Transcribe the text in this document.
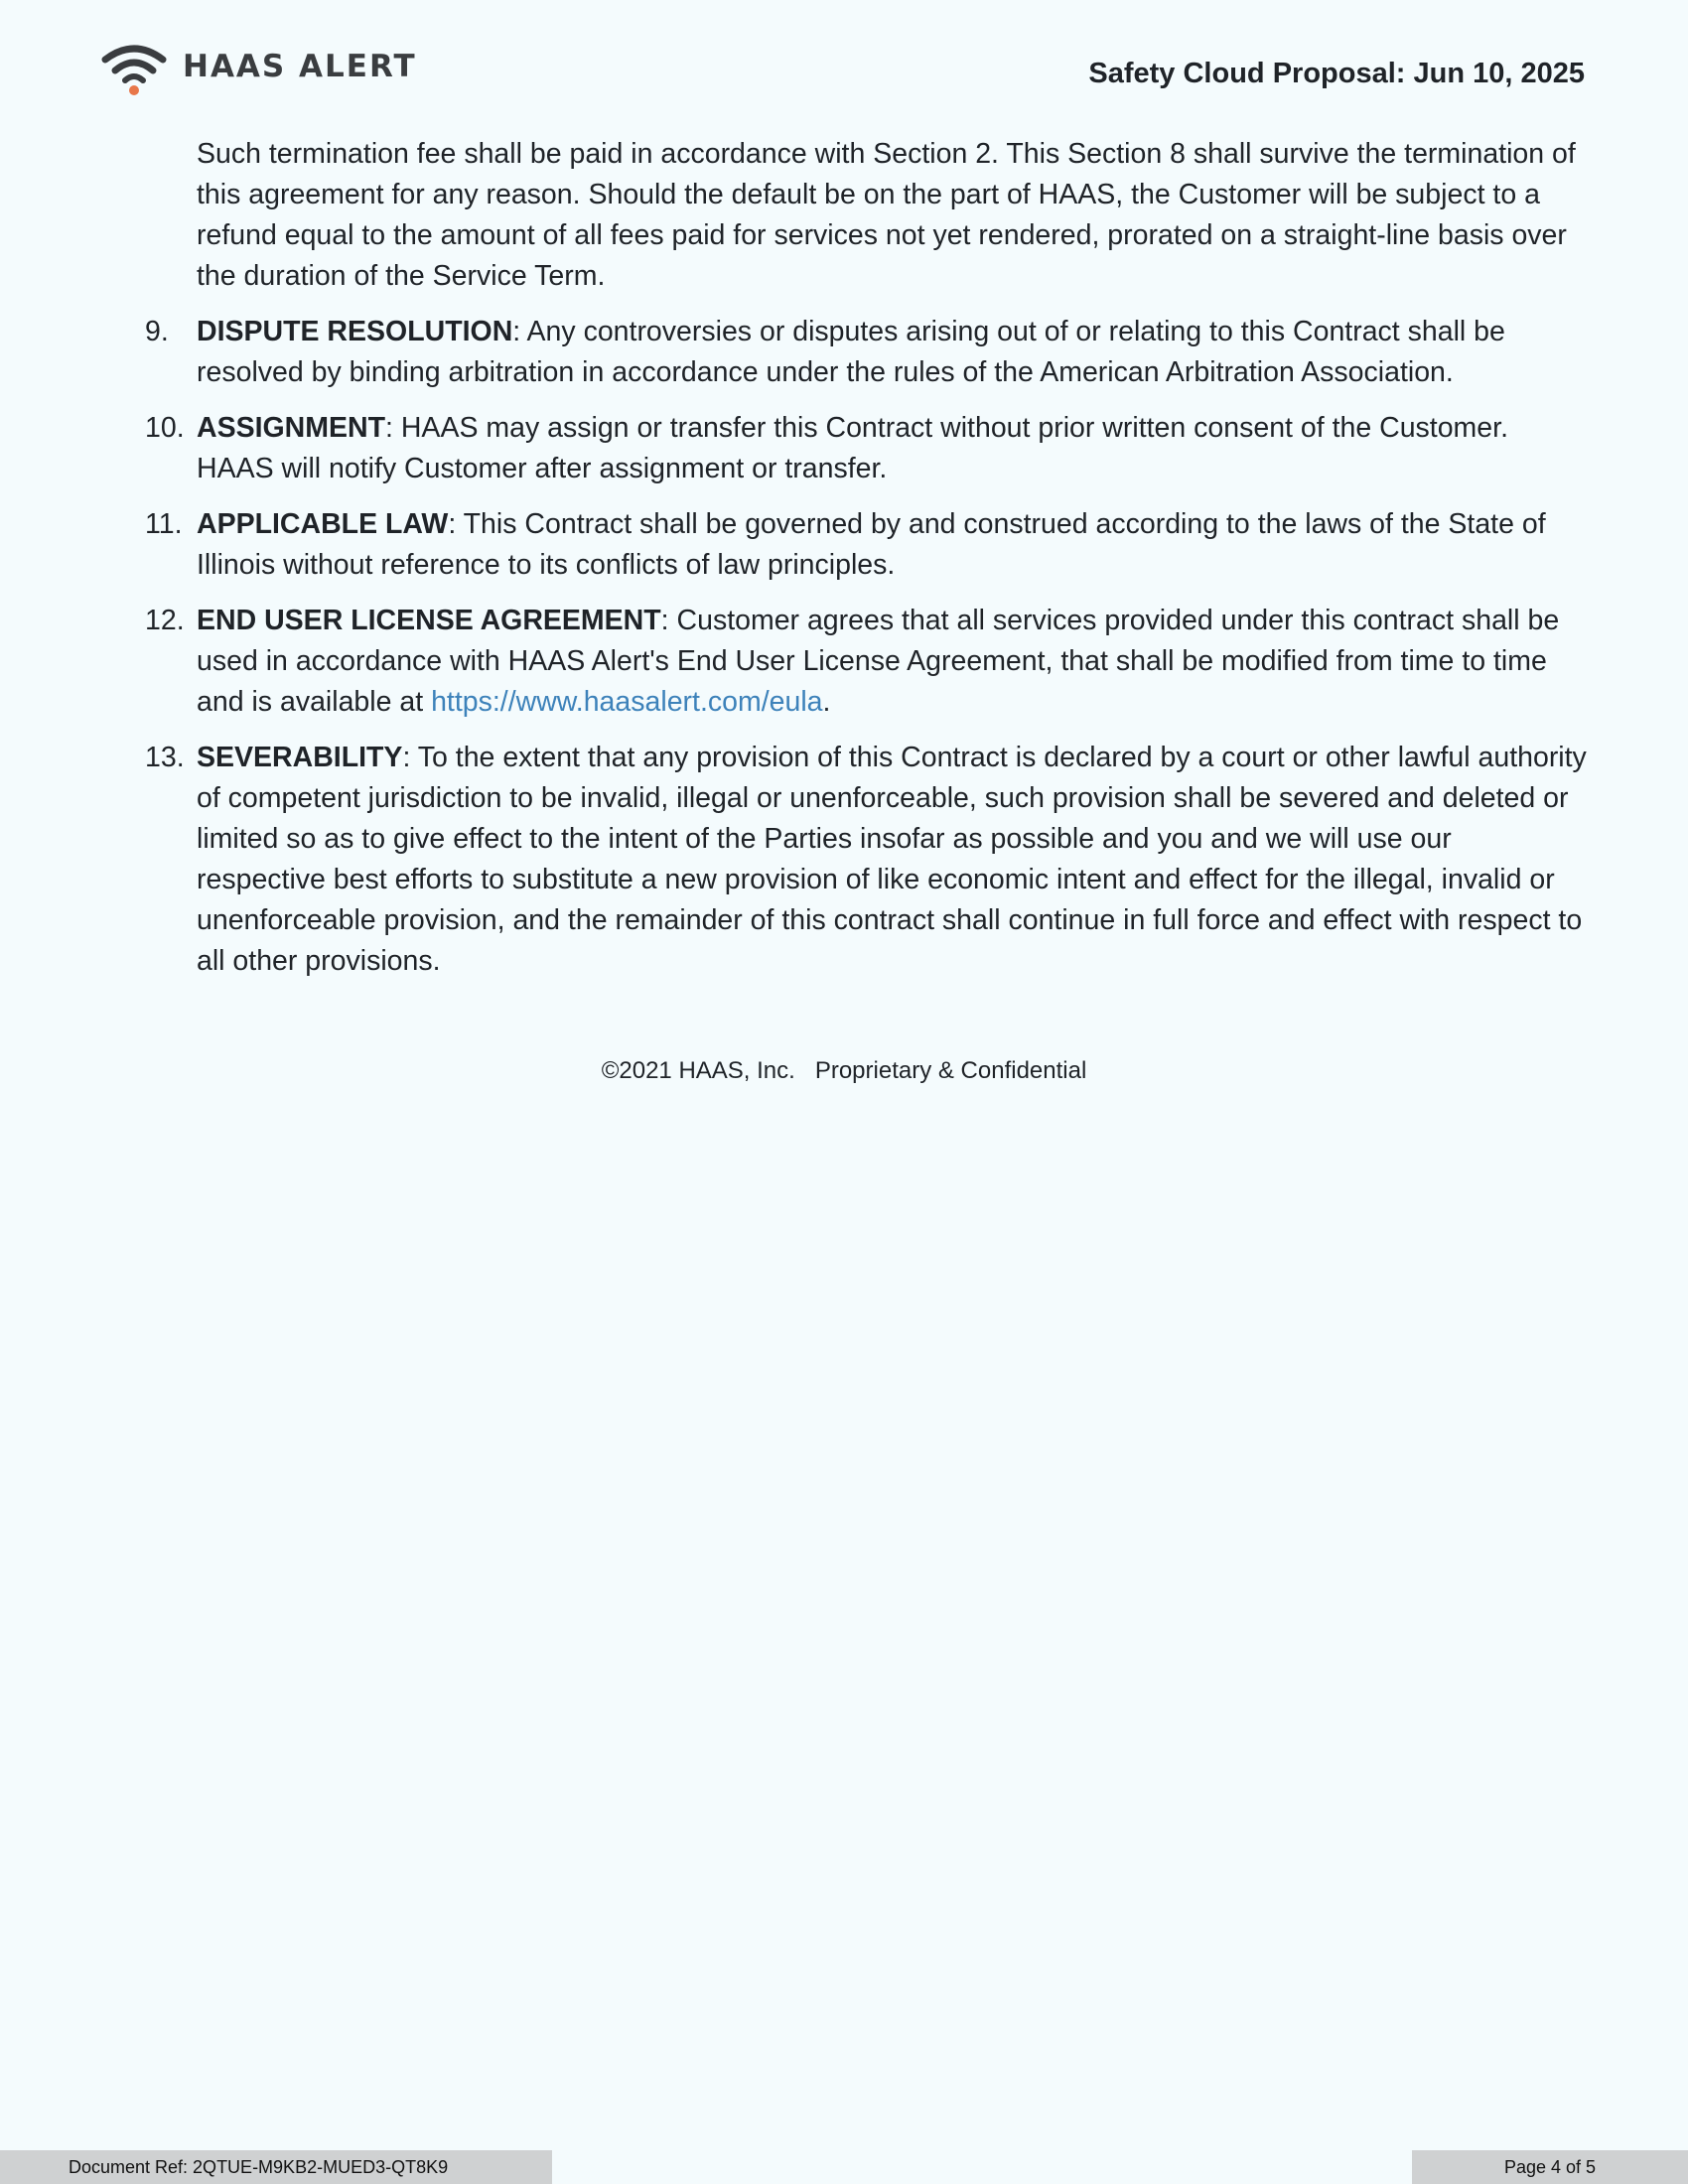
HAAS ALERT	Safety Cloud Proposal: Jun 10, 2025

Such termination fee shall be paid in accordance with Section 2. This Section 8 shall survive the termination of this agreement for any reason. Should the default be on the part of HAAS, the Customer will be subject to a refund equal to the amount of all fees paid for services not yet rendered, prorated on a straight-line basis over the duration of the Service Term.

9. DISPUTE RESOLUTION: Any controversies or disputes arising out of or relating to this Contract shall be resolved by binding arbitration in accordance under the rules of the American Arbitration Association.
10. ASSIGNMENT: HAAS may assign or transfer this Contract without prior written consent of the Customer. HAAS will notify Customer after assignment or transfer.
11. APPLICABLE LAW: This Contract shall be governed by and construed according to the laws of the State of Illinois without reference to its conflicts of law principles.
12. END USER LICENSE AGREEMENT: Customer agrees that all services provided under this contract shall be used in accordance with HAAS Alert's End User License Agreement, that shall be modified from time to time and is available at https://www.haasalert.com/eula.
13. SEVERABILITY: To the extent that any provision of this Contract is declared by a court or other lawful authority of competent jurisdiction to be invalid, illegal or unenforceable, such provision shall be severed and deleted or limited so as to give effect to the intent of the Parties insofar as possible and you and we will use our respective best efforts to substitute a new provision of like economic intent and effect for the illegal, invalid or unenforceable provision, and the remainder of this contract shall continue in full force and effect with respect to all other provisions.
©2021 HAAS, Inc.   Proprietary & Confidential
Document Ref: 2QTUE-M9KB2-MUED3-QT8K9	Page 4 of 5
